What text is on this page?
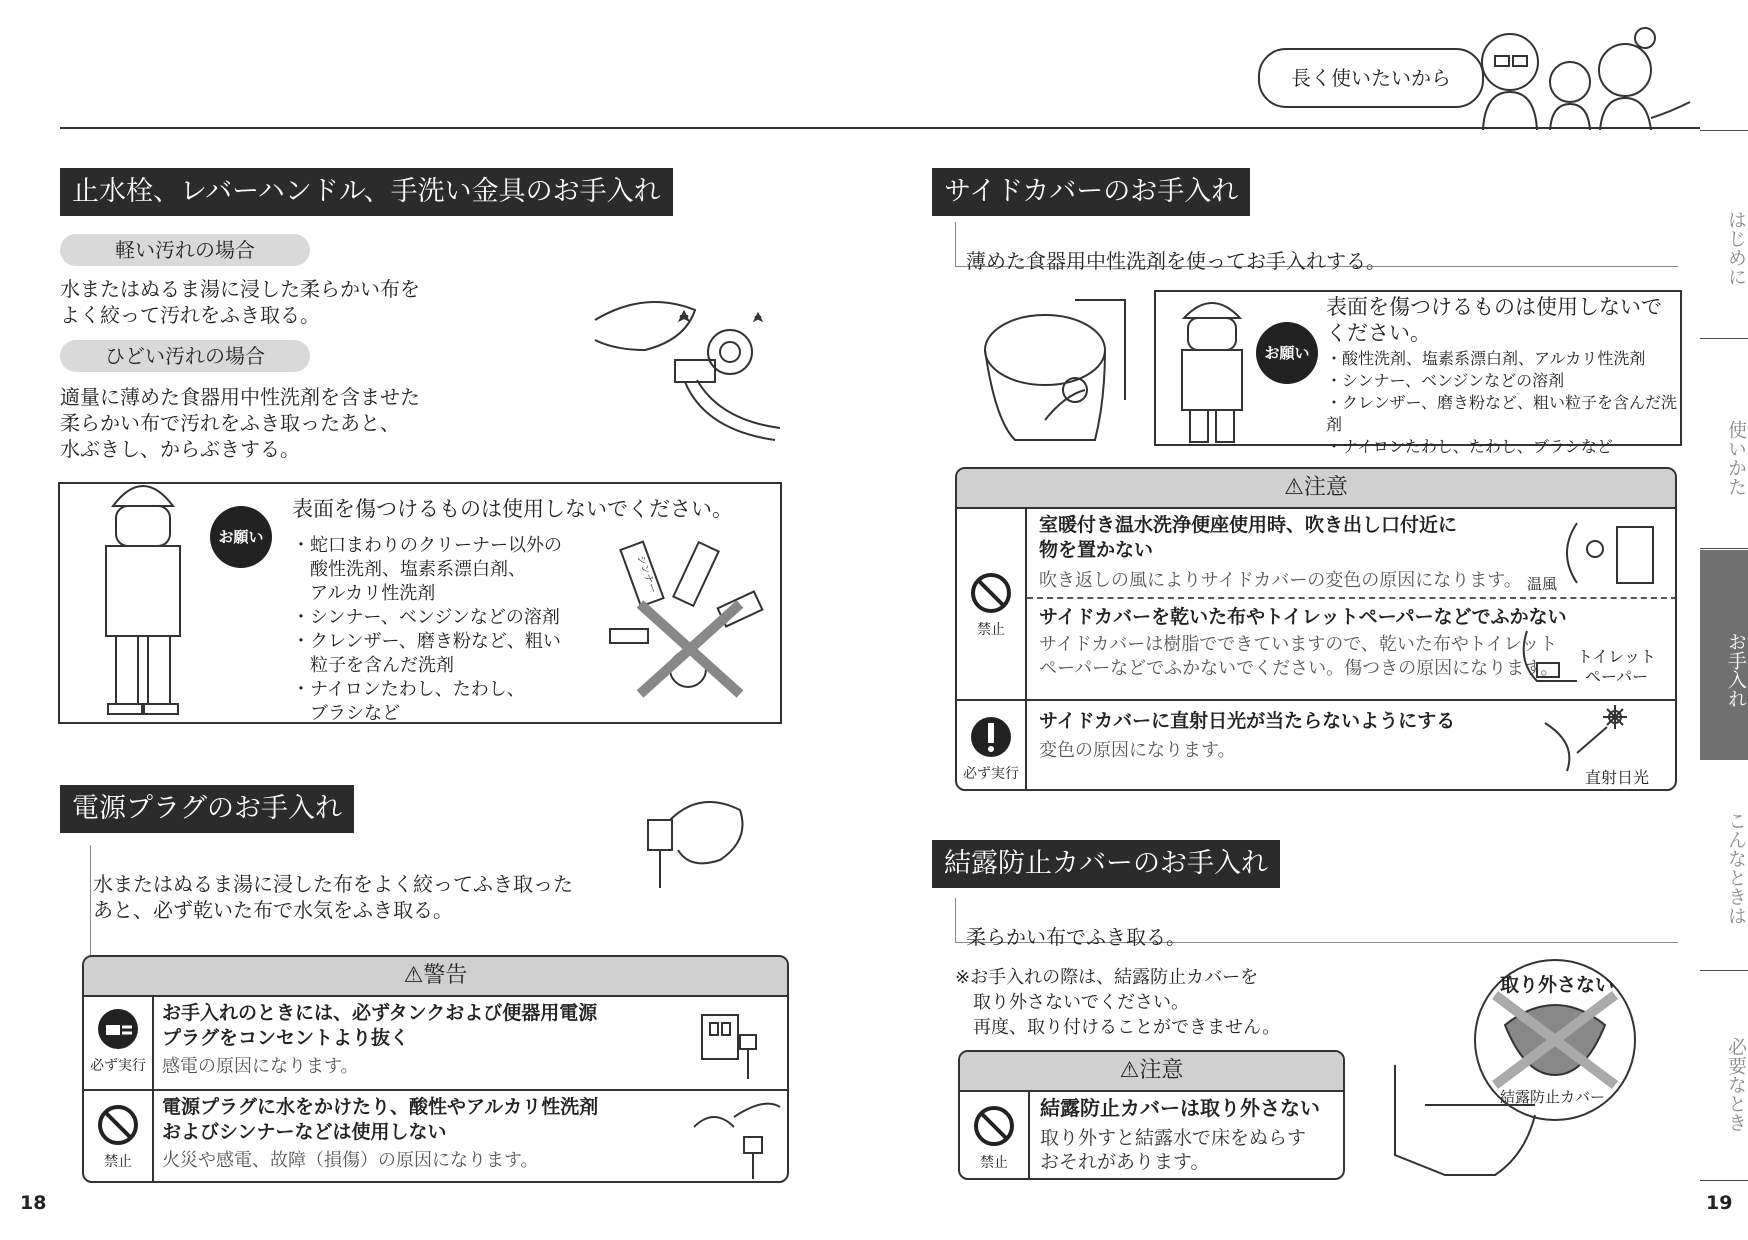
長く使いたいから
止水栓、レバーハンドル、手洗い金具のお手入れ
軽い汚れの場合
水またはぬるま湯に浸した柔らかい布を
よく絞って汚れをふき取る。
ひどい汚れの場合
適量に薄めた食器用中性洗剤を含ませた
柔らかい布で汚れをふき取ったあと、
水ぶきし、からぶきする。
お願い
表面を傷つけるものは使用しないでください。
・蛇口まわりのクリーナー以外の
　酸性洗剤、塩素系漂白剤、
　アルカリ性洗剤
・シンナー、ベンジンなどの溶剤
・クレンザー、磨き粉など、粗い
　粒子を含んだ洗剤
・ナイロンたわし、たわし、
　ブラシなど
シンナー
電源プラグのお手入れ

水またはぬるま湯に浸した布をよく絞ってふき取った
あと、必ず乾いた布で水気をふき取る。

⚠警告
必ず実行
お手入れのときには、必ずタンクおよび便器用電源
プラグをコンセントより抜く
感電の原因になります。
禁止
電源プラグに水をかけたり、酸性やアルカリ性洗剤
およびシンナーなどは使用しない
火災や感電、故障（損傷）の原因になります。
18
サイドカバーのお手入れ

薄めた食器用中性洗剤を使ってお手入れする。

お願い
表面を傷つけるものは使用しないで
ください。
・酸性洗剤、塩素系漂白剤、アルカリ性洗剤
・シンナー、ベンジンなどの溶剤
・クレンザー、磨き粉など、粗い粒子を含んだ洗剤
・ナイロンたわし、たわし、ブラシなど
⚠注意
禁止
室暖付き温水洗浄便座使用時、吹き出し口付近に
物を置かない
吹き返しの風によりサイドカバーの変色の原因になります。 温風
サイドカバーを乾いた布やトイレットペーパーなどでふかない
サイドカバーは樹脂でできていますので、乾いた布やトイレット
ペーパーなどでふかないでください。傷つきの原因になります。
トイレット
ペーパー
必ず実行
サイドカバーに直射日光が当たらないようにする
変色の原因になります。
直射日光
結露防止カバーのお手入れ

柔らかい布でふき取る。

※お手入れの際は、結露防止カバーを
　取り外さないでください。
　再度、取り付けることができません。
⚠注意
禁止
結露防止カバーは取り外さない
取り外すと結露水で床をぬらす
おそれがあります。
取り外さない
結露防止カバー
19
はじめに
使いかた
お手入れ
こんなときは
必要なとき
